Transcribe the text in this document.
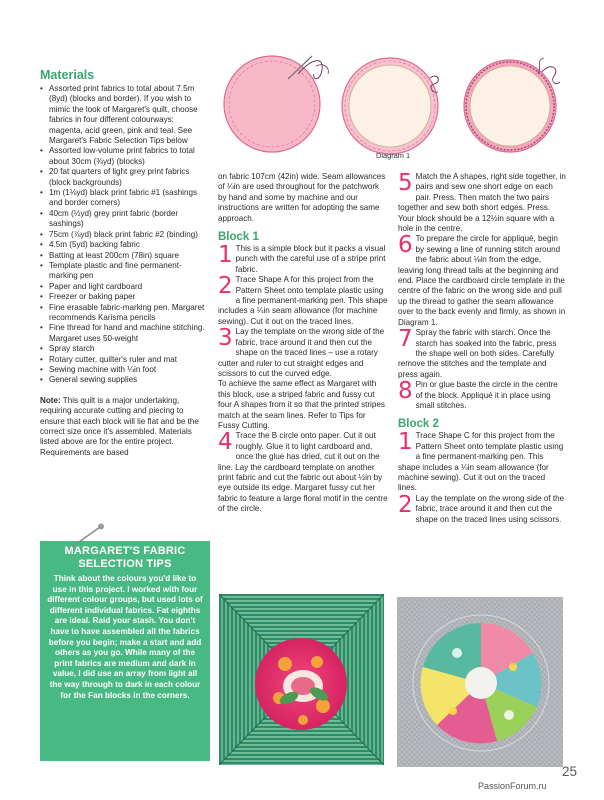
Materials
• Assorted print fabrics to total about 7.5m (8yd) (blocks and border). If you wish to mimic the look of Margaret's quilt, choose fabrics in four different colourways: magenta, acid green, pink and teal. See Margaret's Fabric Selection Tips below
• Assorted low-volume print fabrics to total about 30cm (⅜yd) (blocks)
• 20 fat quarters of light grey print fabrics (block backgrounds)
• 1m (1⅛yd) black print fabric #1 (sashings and border corners)
• 40cm (½yd) grey print fabric (border sashings)
• 75cm (⅞yd) black print fabric #2 (binding)
• 4.5m (5yd) backing fabric
• Batting at least 200cm (78in) square
• Template plastic and fine permanent-marking pen
• Paper and light cardboard
• Freezer or baking paper
• Fine erasable fabric-marking pen. Margaret recommends Karisma pencils
• Fine thread for hand and machine stitching. Margaret uses 50-weight
• Spray starch
• Rotary cutter, quilter's ruler and mat
• Sewing machine with ¼in foot
• General sewing supplies

Note: This quilt is a major undertaking, requiring accurate cutting and piecing to ensure that each block will lie flat and be the correct size once it's assembled. Materials listed above are for the entire project. Requirements are based

MARGARET'S FABRIC SELECTION TIPS

Think about the colours you'd like to use in this project. I worked with four different colour groups, but used lots of different individual fabrics. Fat eighths are ideal. Raid your stash. You don't have to have assembled all the fabrics before you begin; make a start and add others as you go. While many of the print fabrics are medium and dark in value, I did use an array from light all the way through to dark in each colour for the Fan blocks in the corners.

Diagram 1

on fabric 107cm (42in) wide. Seam allowances of ¼in are used throughout for the patchwork by hand and some by machine and our instructions are written for adopting the same approach.

Block 1

1 This is a simple block but it packs a visual punch with the careful use of a stripe print fabric.

2 Trace Shape A for this project from the Pattern Sheet onto template plastic using a fine permanent-marking pen. This shape includes a ¼in seam allowance (for machine sewing). Cut it out on the traced lines.

3 Lay the template on the wrong side of the fabric, trace around it and then cut the shape on the traced lines – use a rotary cutter and ruler to cut straight edges and scissors to cut the curved edge.

To achieve the same effect as Margaret with this block, use a striped fabric and fussy cut four A shapes from it so that the printed stripes match at the seam lines. Refer to Tips for Fussy Cutting.

4 Trace the B circle onto paper. Cut it out roughly. Glue it to light cardboard and, once the glue has dried, cut it out on the line. Lay the cardboard template on another print fabric and cut the fabric out about ½in by eye outside its edge. Margaret fussy cut her fabric to feature a large floral motif in the centre of the circle.

5 Match the A shapes, right side together, in pairs and sew one short edge on each pair. Press. Then match the two pairs together and sew both short edges. Press. Your block should be a 12½in square with a hole in the centre.

6 To prepare the circle for appliqué, begin by sewing a line of running stitch around the fabric about ⅛in from the edge, leaving long thread tails at the beginning and end. Place the cardboard circle template in the centre of the fabric on the wrong side and pull up the thread to gather the seam allowance over to the back evenly and firmly, as shown in Diagram 1.

7 Spray the fabric with starch. Once the starch has soaked into the fabric, press the shape well on both sides. Carefully remove the stitches and the template and press again.

8 Pin or glue baste the circle in the centre of the block. Appliqué it in place using small stitches.

Block 2

1 Trace Shape C for this project from the Pattern Sheet onto template plastic using a fine permanent-marking pen. This shape includes a ¼in seam allowance (for machine sewing). Cut it out on the traced lines.

2 Lay the template on the wrong side of the fabric, trace around it and then cut the shape on the traced lines using scissors.

25
PassionForum.ru
